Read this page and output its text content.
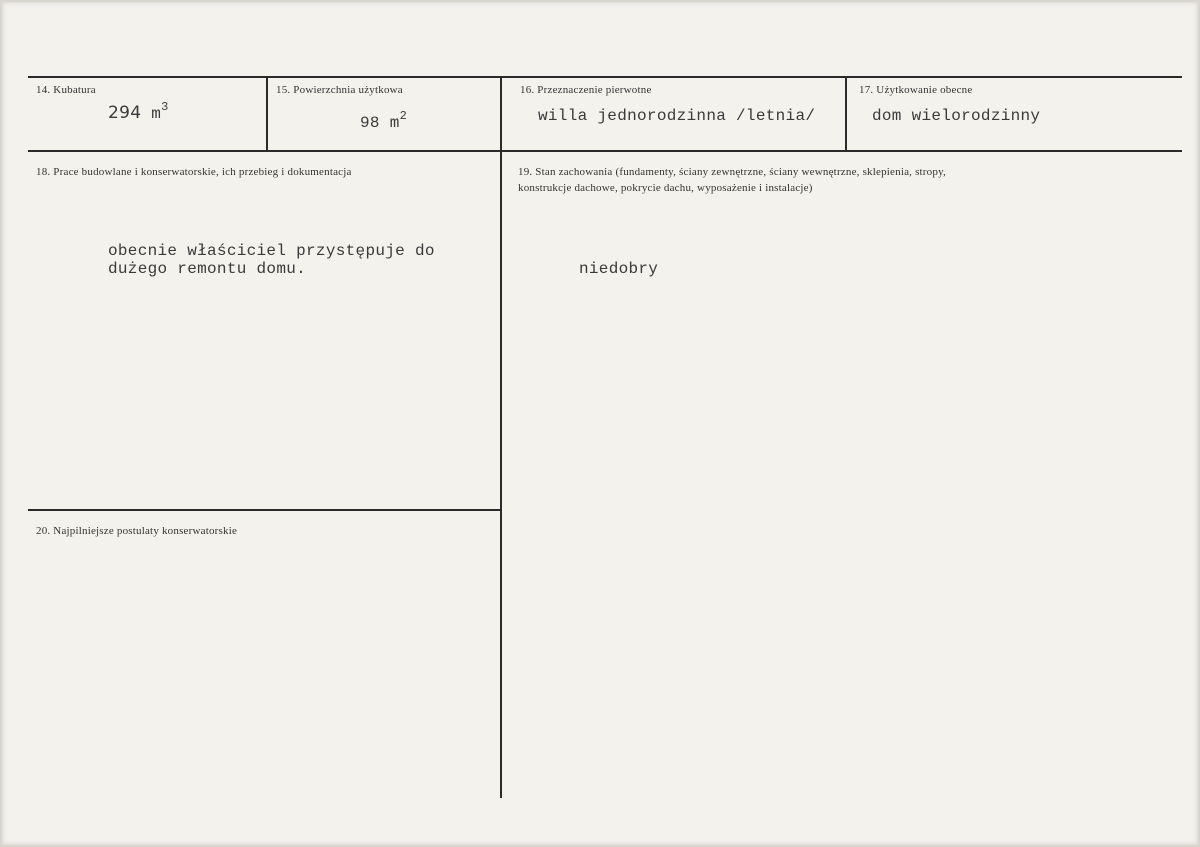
14. Kubatura
294 $m^3$
15. Powierzchnia użytkowa
98 $m^2$
16. Przeznaczenie pierwotne
willa jednorodzinna /letnia/
17. Użytkowanie obecne
dom wielorodzinny
18. Prace budowlane i konserwatorskie, ich przebieg i dokumentacja
obecnie właściciel przystępuje do
dużego remontu domu.
19. Stan zachowania (fundamenty, ściany zewnętrzne, ściany wewnętrzne, sklepienia, stropy,
konstrukcje dachowe, pokrycie dachu, wyposażenie i instalacje)
niedobry
20. Najpilniejsze postulaty konserwatorskie
